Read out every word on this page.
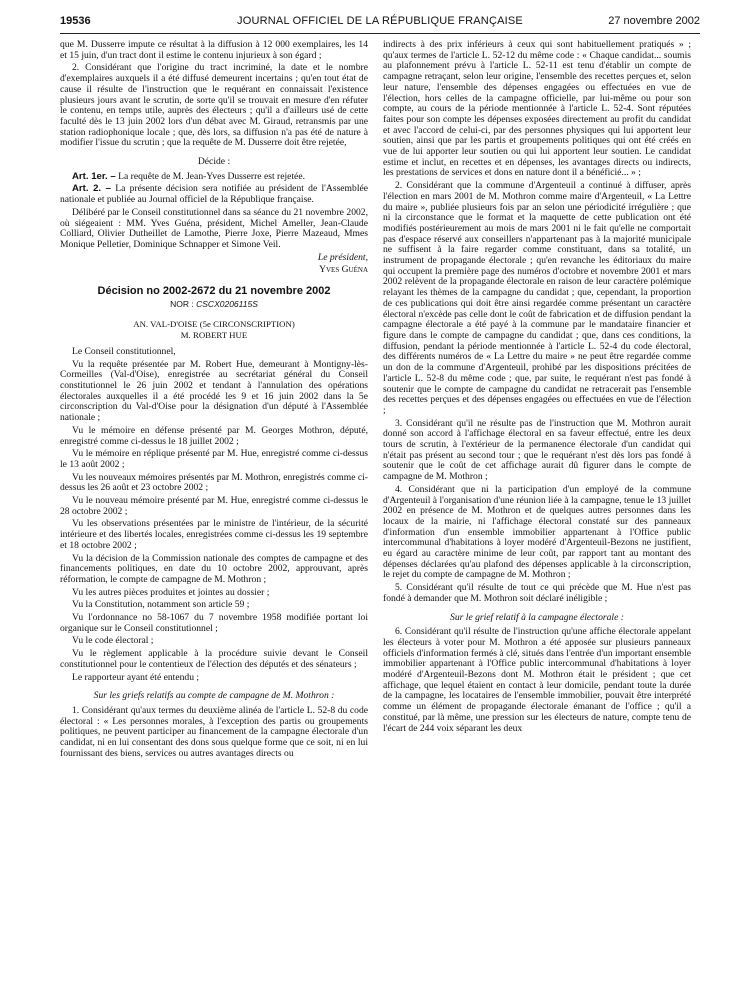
19536	JOURNAL OFFICIEL DE LA RÉPUBLIQUE FRANÇAISE	27 novembre 2002

que M. Dusserre impute ce résultat à la diffusion à 12 000 exemplaires, les 14 et 15 juin, d'un tract dont il estime le contenu injurieux à son égard ;

2. Considérant que l'origine du tract incriminé, la date et le nombre d'exemplaires auxquels il a été diffusé demeurent incertains ; qu'en tout état de cause il résulte de l'instruction que le requérant en connaissait l'existence plusieurs jours avant le scrutin, de sorte qu'il se trouvait en mesure d'en réfuter le contenu, en temps utile, auprès des électeurs ; qu'il a d'ailleurs usé de cette faculté dès le 13 juin 2002 lors d'un débat avec M. Giraud, retransmis par une station radiophonique locale ; que, dès lors, sa diffusion n'a pas été de nature à modifier l'issue du scrutin ; que la requête de M. Dusserre doit être rejetée,

Décide :

Art. 1er. – La requête de M. Jean-Yves Dusserre est rejetée.

Art. 2. – La présente décision sera notifiée au président de l'Assemblée nationale et publiée au Journal officiel de la République française.

Délibéré par le Conseil constitutionnel dans sa séance du 21 novembre 2002, où siégeaient : MM. Yves Guéna, président, Michel Ameller, Jean-Claude Colliard, Olivier Dutheillet de Lamothe, Pierre Joxe, Pierre Mazeaud, Mmes Monique Pelletier, Dominique Schnapper et Simone Veil.

Le président,

Yves Guéna

Décision no 2002-2672 du 21 novembre 2002

NOR : CSCX0206115S

AN. VAL-D'OISE (5e CIRCONSCRIPTION)

M. ROBERT HUE

Le Conseil constitutionnel,

Vu la requête présentée par M. Robert Hue, demeurant à Montigny-lès-Cormeilles (Val-d'Oise), enregistrée au secrétariat général du Conseil constitutionnel le 26 juin 2002 et tendant à l'annulation des opérations électorales auxquelles il a été procédé les 9 et 16 juin 2002 dans la 5e circonscription du Val-d'Oise pour la désignation d'un député à l'Assemblée nationale ;

Vu le mémoire en défense présenté par M. Georges Mothron, député, enregistré comme ci-dessus le 18 juillet 2002 ;

Vu le mémoire en réplique présenté par M. Hue, enregistré comme ci-dessus le 13 août 2002 ;

Vu les nouveaux mémoires présentés par M. Mothron, enregistrés comme ci-dessus les 26 août et 23 octobre 2002 ;

Vu le nouveau mémoire présenté par M. Hue, enregistré comme ci-dessus le 28 octobre 2002 ;

Vu les observations présentées par le ministre de l'intérieur, de la sécurité intérieure et des libertés locales, enregistrées comme ci-dessus les 19 septembre et 18 octobre 2002 ;

Vu la décision de la Commission nationale des comptes de campagne et des financements politiques, en date du 10 octobre 2002, approuvant, après réformation, le compte de campagne de M. Mothron ;

Vu les autres pièces produites et jointes au dossier ;

Vu la Constitution, notamment son article 59 ;

Vu l'ordonnance no 58-1067 du 7 novembre 1958 modifiée portant loi organique sur le Conseil constitutionnel ;

Vu le code électoral ;

Vu le règlement applicable à la procédure suivie devant le Conseil constitutionnel pour le contentieux de l'élection des députés et des sénateurs ;

Le rapporteur ayant été entendu ;

Sur les griefs relatifs au compte de campagne de M. Mothron :

1. Considérant qu'aux termes du deuxième alinéa de l'article L. 52-8 du code électoral : « Les personnes morales, à l'exception des partis ou groupements politiques, ne peuvent participer au financement de la campagne électorale d'un candidat, ni en lui consentant des dons sous quelque forme que ce soit, ni en lui fournissant des biens, services ou autres avantages directs ou

indirects à des prix inférieurs à ceux qui sont habituellement pratiqués » ; qu'aux termes de l'article L. 52-12 du même code : « Chaque candidat... soumis au plafonnement prévu à l'article L. 52-11 est tenu d'établir un compte de campagne retraçant, selon leur origine, l'ensemble des recettes perçues et, selon leur nature, l'ensemble des dépenses engagées ou effectuées en vue de l'élection, hors celles de la campagne officielle, par lui-même ou pour son compte, au cours de la période mentionnée à l'article L. 52-4. Sont réputées faites pour son compte les dépenses exposées directement au profit du candidat et avec l'accord de celui-ci, par des personnes physiques qui lui apportent leur soutien, ainsi que par les partis et groupements politiques qui ont été créés en vue de lui apporter leur soutien ou qui lui apportent leur soutien. Le candidat estime et inclut, en recettes et en dépenses, les avantages directs ou indirects, les prestations de services et dons en nature dont il a bénéficié... » ;

2. Considérant que la commune d'Argenteuil a continué à diffuser, après l'élection en mars 2001 de M. Mothron comme maire d'Argenteuil, « La Lettre du maire », publiée plusieurs fois par an selon une périodicité irrégulière ; que ni la circonstance que le format et la maquette de cette publication ont été modifiés postérieurement au mois de mars 2001 ni le fait qu'elle ne comportait pas d'espace réservé aux conseillers n'appartenant pas à la majorité municipale ne suffisent à la faire regarder comme constituant, dans sa totalité, un instrument de propagande électorale ; qu'en revanche les éditoriaux du maire qui occupent la première page des numéros d'octobre et novembre 2001 et mars 2002 relèvent de la propagande électorale en raison de leur caractère polémique relayant les thèmes de la campagne du candidat ; que, cependant, la proportion de ces publications qui doit être ainsi regardée comme présentant un caractère électoral n'excède pas celle dont le coût de fabrication et de diffusion pendant la campagne électorale a été payé à la commune par le mandataire financier et figure dans le compte de campagne du candidat ; que, dans ces conditions, la diffusion, pendant la période mentionnée à l'article L. 52-4 du code électoral, des différents numéros de « La Lettre du maire » ne peut être regardée comme un don de la commune d'Argenteuil, prohibé par les dispositions précitées de l'article L. 52-8 du même code ; que, par suite, le requérant n'est pas fondé à soutenir que le compte de campagne du candidat ne retracerait pas l'ensemble des recettes perçues et des dépenses engagées ou effectuées en vue de l'élection ;

3. Considérant qu'il ne résulte pas de l'instruction que M. Mothron aurait donné son accord à l'affichage électoral en sa faveur effectué, entre les deux tours de scrutin, à l'extérieur de la permanence électorale d'un candidat qui n'était pas présent au second tour ; que le requérant n'est dès lors pas fondé à soutenir que le coût de cet affichage aurait dû figurer dans le compte de campagne de M. Mothron ;

4. Considérant que ni la participation d'un employé de la commune d'Argenteuil à l'organisation d'une réunion liée à la campagne, tenue le 13 juillet 2002 en présence de M. Mothron et de quelques autres personnes dans les locaux de la mairie, ni l'affichage électoral constaté sur des panneaux d'information d'un ensemble immobilier appartenant à l'Office public intercommunal d'habitations à loyer modéré d'Argenteuil-Bezons ne justifient, eu égard au caractère minime de leur coût, par rapport tant au montant des dépenses déclarées qu'au plafond des dépenses applicable à la circonscription, le rejet du compte de campagne de M. Mothron ;

5. Considérant qu'il résulte de tout ce qui précède que M. Hue n'est pas fondé à demander que M. Mothron soit déclaré inéligible ;

Sur le grief relatif à la campagne électorale :

6. Considérant qu'il résulte de l'instruction qu'une affiche électorale appelant les électeurs à voter pour M. Mothron a été apposée sur plusieurs panneaux officiels d'information fermés à clé, situés dans l'entrée d'un important ensemble immobilier appartenant à l'Office public intercommunal d'habitations à loyer modéré d'Argenteuil-Bezons dont M. Mothron était le président ; que cet affichage, que lequel étaient en contact à leur domicile, pendant toute la durée de la campagne, les locataires de l'ensemble immobilier, pouvait être interprété comme un élément de propagande électorale émanant de l'office ; qu'il a constitué, par là même, une pression sur les électeurs de nature, compte tenu de l'écart de 244 voix séparant les deux
